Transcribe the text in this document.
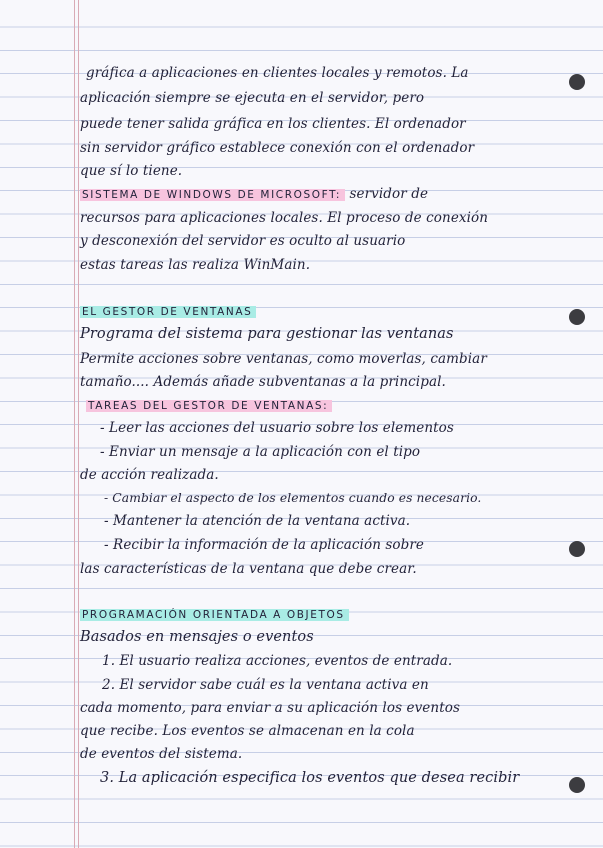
gráfica a aplicaciones en clientes locales y remotos. La
aplicación siempre se ejecuta en el servidor, pero
puede tener salida gráfica en los clientes. El ordenador
sin servidor gráfico establece conexión con el ordenador
que sí lo tiene.
SISTEMA DE WINDOWS DE MICROSOFT: servidor de
recursos para aplicaciones locales. El proceso de conexión
y desconexión del servidor es oculto al usuario
estas tareas las realiza WinMain.
EL GESTOR DE VENTANAS
Programa del sistema para gestionar las ventanas
Permite acciones sobre ventanas, como moverlas, cambiar
tamaño.... Además añade subventanas a la principal.
TAREAS DEL GESTOR DE VENTANAS:
- Leer las acciones del usuario sobre los elementos
- Enviar un mensaje a la aplicación con el tipo
de acción realizada.
- Cambiar el aspecto de los elementos cuando es necesario.
- Mantener la atención de la ventana activa.
- Recibir la información de la aplicación sobre
las características de la ventana que debe crear.
PROGRAMACIÓN ORIENTADA A OBJETOS
Basados en mensajes o eventos
1. El usuario realiza acciones, eventos de entrada.
2. El servidor sabe cuál es la ventana activa en
cada momento, para enviar a su aplicación los eventos
que recibe. Los eventos se almacenan en la cola
de eventos del sistema.
3. La aplicación especifica los eventos que desea recibir
